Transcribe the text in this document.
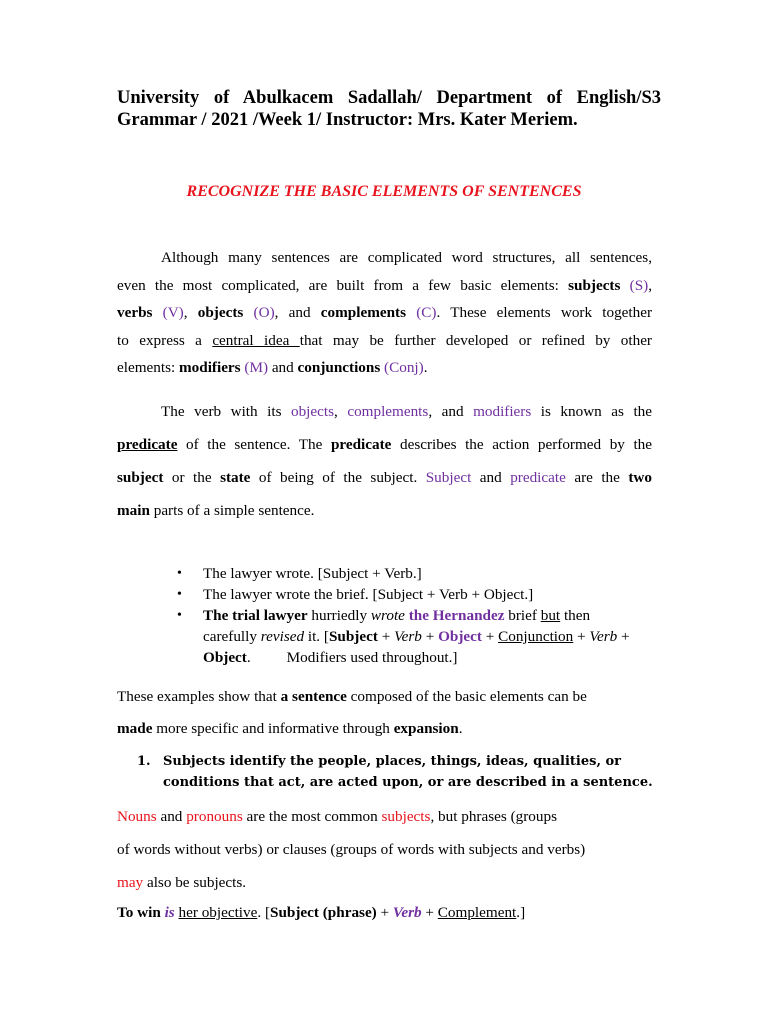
University of Abulkacem Sadallah/ Department of English/S3

Grammar / 2021 /Week 1/ Instructor: Mrs. Kater Meriem.

RECOGNIZE THE BASIC ELEMENTS OF SENTENCES

Although many sentences are complicated word structures, all sentences,
even the most complicated, are built from a few basic elements: subjects (S),
verbs (V), objects (O), and complements (C). These elements work together
to express a central idea that may be further developed or refined by other
elements: modifiers (M) and conjunctions (Conj).
The verb with its objects, complements, and modifiers is known as the
predicate of the sentence. The predicate describes the action performed by the
subject or the state of being of the subject. Subject and predicate are the two
main parts of a simple sentence.
• The lawyer wrote. [Subject + Verb.]
• The lawyer wrote the brief. [Subject + Verb + Object.]
• The trial lawyer hurriedly wrote the Hernandez brief but then carefully revised it. [Subject + Verb + Object + Conjunction + Verb + Object. Modifiers used throughout.]
These examples show that a sentence composed of the basic elements can be
made more specific and informative through expansion.
1. Subjects identify the people, places, things, ideas, qualities, or conditions that act, are acted upon, or are described in a sentence.
Nouns and pronouns are the most common subjects, but phrases (groups
of words without verbs) or clauses (groups of words with subjects and verbs)
may also be subjects.
To win is her objective. [Subject (phrase) + Verb + Complement.]
